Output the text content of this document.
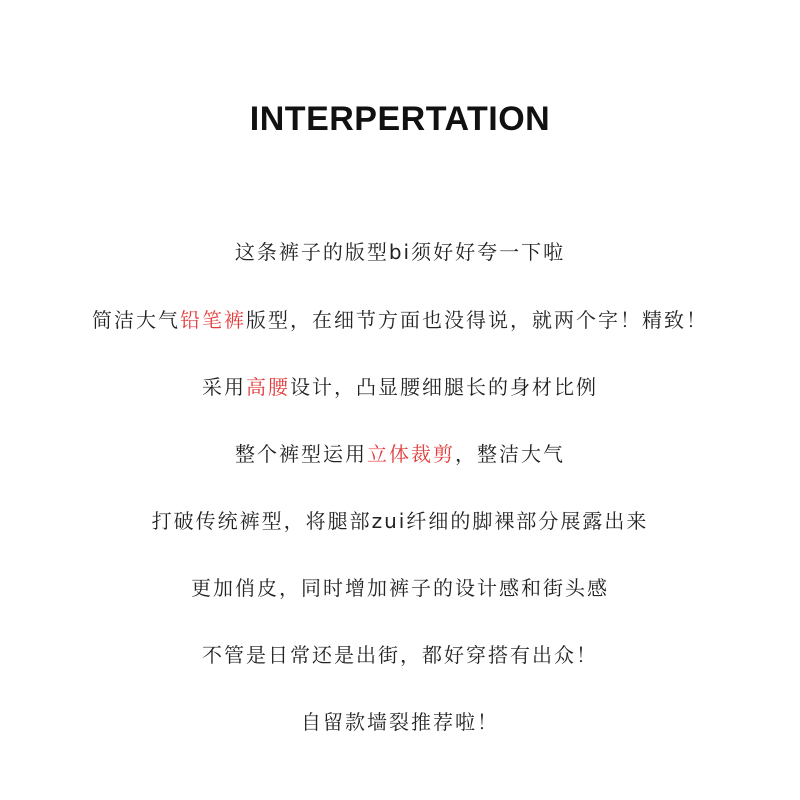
INTERPERTATION
这条裤子的版型bi须好好夸一下啦
简洁大气铅笔裤版型，在细节方面也没得说，就两个字！精致！
采用高腰设计，凸显腰细腿长的身材比例
整个裤型运用立体裁剪，整洁大气
打破传统裤型，将腿部zui纤细的脚裸部分展露出来
更加俏皮，同时增加裤子的设计感和街头感
不管是日常还是出街，都好穿搭有出众！
自留款墙裂推荐啦！
